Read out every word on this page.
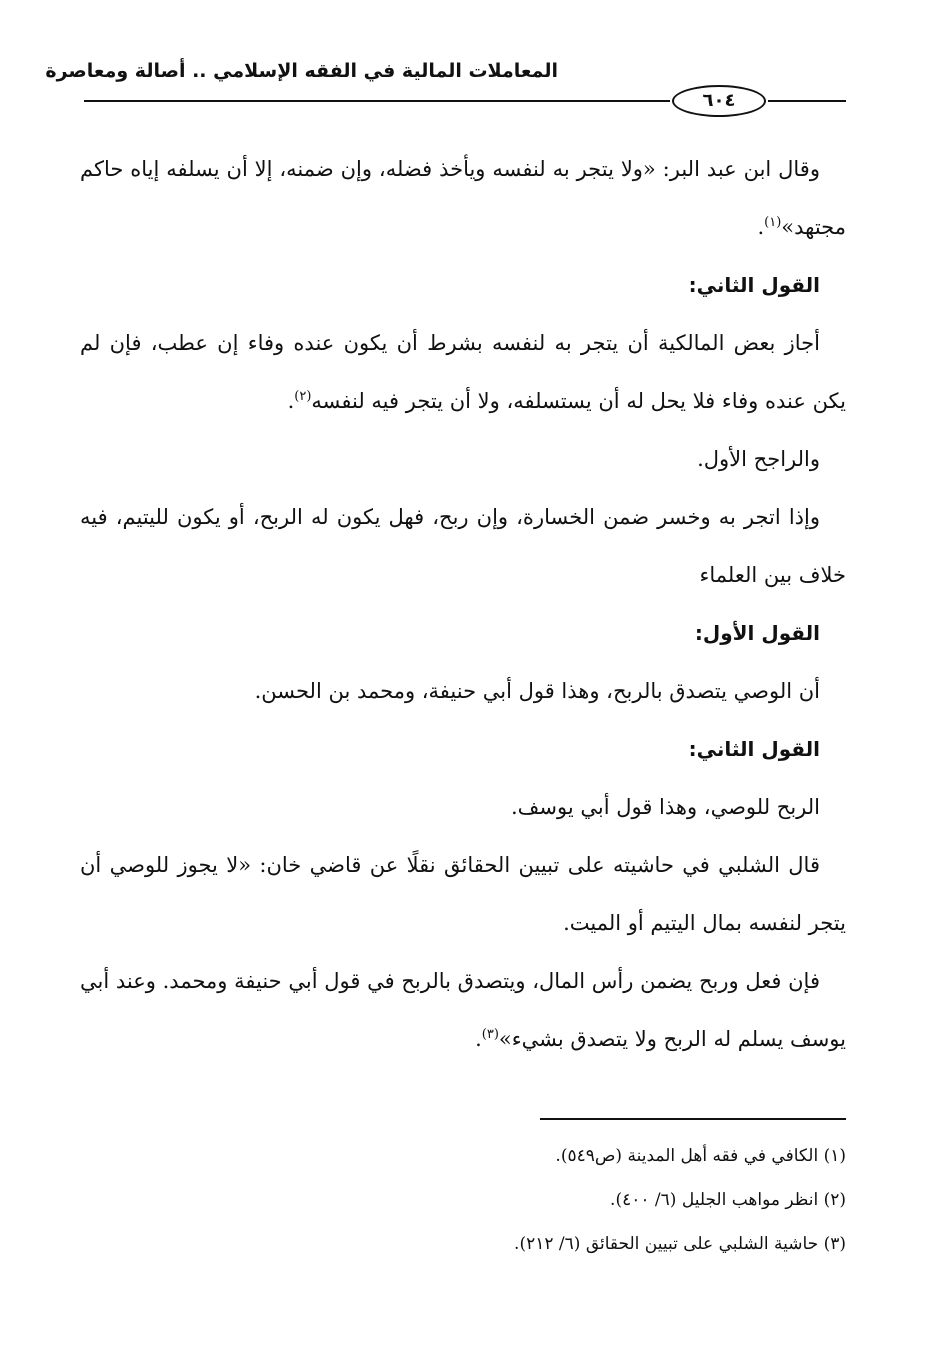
المعاملات المالية في الفقه الإسلامي .. أصالة ومعاصرة
٦٠٤

وقال ابن عبد البر: «ولا يتجر به لنفسه ويأخذ فضله، وإن ضمنه، إلا أن يسلفه إياه حاكم مجتهد»$^{(١)}$.

القول الثاني:

أجاز بعض المالكية أن يتجر به لنفسه بشرط أن يكون عنده وفاء إن عطب، فإن لم يكن عنده وفاء فلا يحل له أن يستسلفه، ولا أن يتجر فيه لنفسه$^{(٢)}$.

والراجح الأول.

وإذا اتجر به وخسر ضمن الخسارة، وإن ربح، فهل يكون له الربح، أو يكون لليتيم، فيه خلاف بين العلماء

القول الأول:

أن الوصي يتصدق بالربح، وهذا قول أبي حنيفة، ومحمد بن الحسن.

القول الثاني:

الربح للوصي، وهذا قول أبي يوسف.

قال الشلبي في حاشيته على تبيين الحقائق نقلًا عن قاضي خان: «لا يجوز للوصي أن يتجر لنفسه بمال اليتيم أو الميت.

فإن فعل وربح يضمن رأس المال، ويتصدق بالربح في قول أبي حنيفة ومحمد. وعند أبي يوسف يسلم له الربح ولا يتصدق بشيء»$^{(٣)}$.

(١) الكافي في فقه أهل المدينة (ص٥٤٩).
(٢) انظر مواهب الجليل (٦/ ٤٠٠).
(٣) حاشية الشلبي على تبيين الحقائق (٦/ ٢١٢).
